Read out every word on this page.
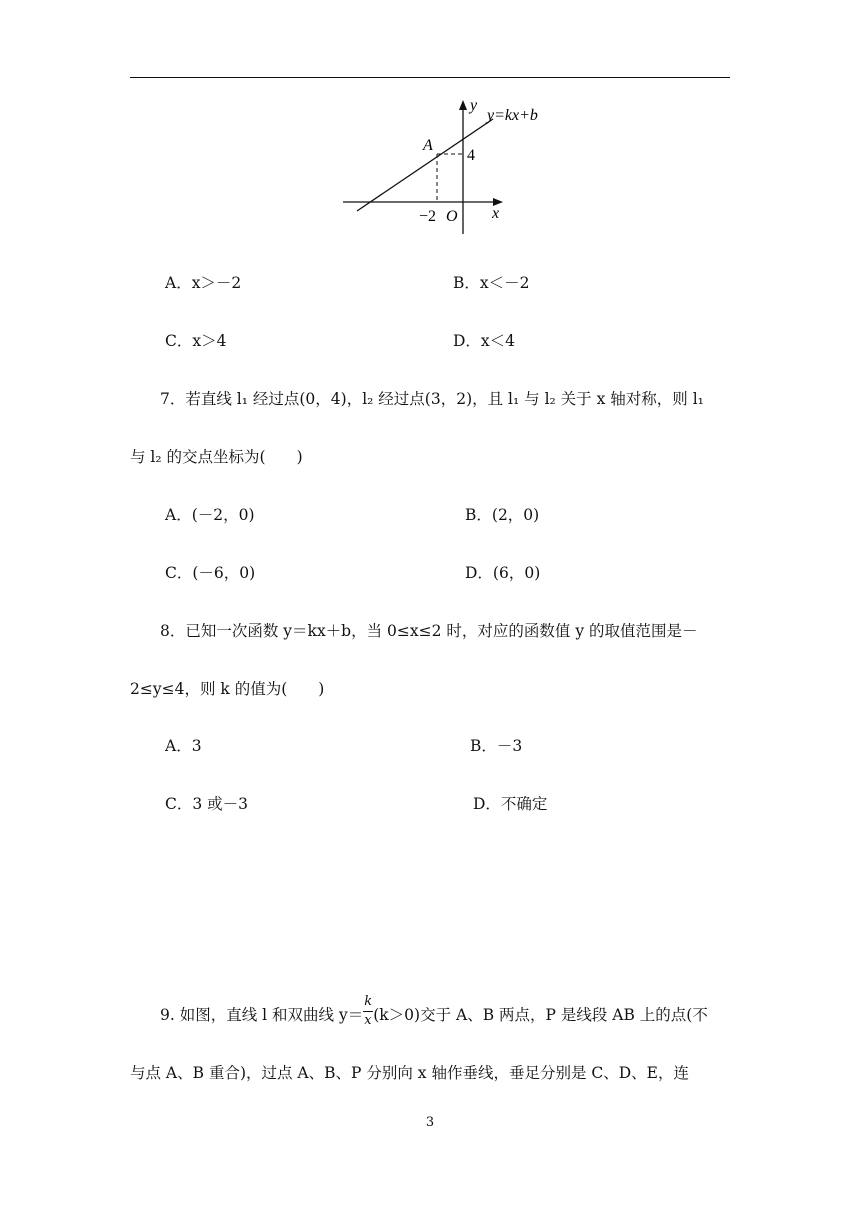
y
y=kx+b
A
4
−2 O x
A．x＞－2	B．x＜－2
C．x＞4	D．x＜4
7．若直线 l₁ 经过点(0，4)，l₂ 经过点(3，2)，且 l₁ 与 l₂ 关于 x 轴对称，则 l₁
与 l₂ 的交点坐标为(　　)
A．(－2，0)	B．(2，0)
C．(－6，0)	D．(6，0)
8．已知一次函数 y＝kx＋b，当 0≤x≤2 时，对应的函数值 y 的取值范围是－
2≤y≤4，则 k 的值为(　　)
A．3	B．－3
C．3 或－3	D．不确定
9. 如图，直线 l 和双曲线 $y= \frac{k}{x} (k>0)$交于 A、B 两点，P 是线段 AB 上的点(不
与点 A、B 重合)，过点 A、B、P 分别向 x 轴作垂线，垂足分别是 C、D、E，连
3
